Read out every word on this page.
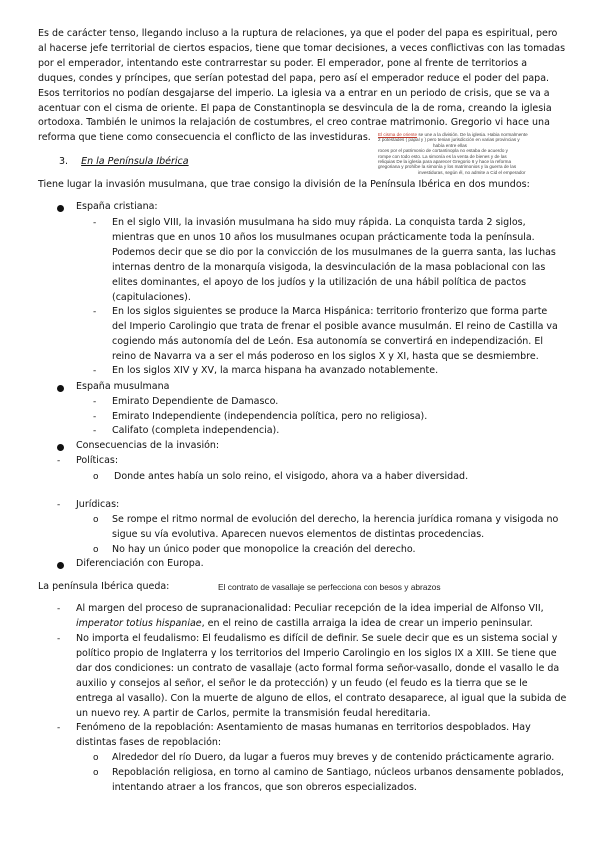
Es de carácter tenso, llegando incluso a la ruptura de relaciones, ya que el poder del papa es espiritual, pero
al hacerse jefe territorial de ciertos espacios, tiene que tomar decisiones, a veces conflictivas con las tomadas
por el emperador, intentando este contrarrestar su poder. El emperador, pone al frente de territorios a
duques, condes y príncipes, que serían potestad del papa, pero así el emperador reduce el poder del papa.
Esos territorios no podían desgajarse del imperio. La iglesia va a entrar en un periodo de crisis, que se va a
acentuar con el cisma de oriente. El papa de Constantinopla se desvincula de la de roma, creando la iglesia
ortodoxa. También le unimos la relajación de costumbres, el creo contrae matrimonio. Gregorio vi hace una
reforma que tiene como consecuencia el conflicto de las investiduras.	El cisma de oriente se une a la división. De la iglesia. Habia normalmente
2 potestades ( papal y ) pero tenian jurisdicción en varias provincias y
había entre ellas
roces por el patrimonio de cortantinopla no estaba de acuerdo y
rompe con todo esto. La simonía es la venta de bienes y de las
reliquias De la iglesia para aparecer Gregorio 6 y hace la reforma
gregoriana y prohíbe la simonía y los matrimonios y la guerra de las
investiduras, según él, no admite a Cid el emperador
3. En la Península Ibérica
Tiene lugar la invasión musulmana, que trae consigo la división de la Península Ibérica en dos mundos:
España cristiana:
- En el siglo VIII, la invasión musulmana ha sido muy rápida. La conquista tarda 2 siglos,
mientras que en unos 10 años los musulmanes ocupan prácticamente toda la península.
Podemos decir que se dio por la convicción de los musulmanes de la guerra santa, las luchas
internas dentro de la monarquía visigoda, la desvinculación de la masa poblacional con las
elites dominantes, el apoyo de los judíos y la utilización de una hábil política de pactos
(capitulaciones).
- En los siglos siguientes se produce la Marca Hispánica: territorio fronterizo que forma parte
del Imperio Carolingio que trata de frenar el posible avance musulmán. El reino de Castilla va
cogiendo más autonomía del de León. Esa autonomía se convertirá en independización. El
reino de Navarra va a ser el más poderoso en los siglos X y XI, hasta que se desmiembre.
- En los siglos XIV y XV, la marca hispana ha avanzado notablemente.
España musulmana
- Emirato Dependiente de Damasco.
- Emirato Independiente (independencia política, pero no religiosa).
- Califato (completa independencia).
Consecuencias de la invasión:
- Políticas:
o Donde antes había un solo reino, el visigodo, ahora va a haber diversidad.
- Jurídicas:
o Se rompe el ritmo normal de evolución del derecho, la herencia jurídica romana y visigoda no
sigue su vía evolutiva. Aparecen nuevos elementos de distintas procedencias.
o No hay un único poder que monopolice la creación del derecho.
Diferenciación con Europa.
La península Ibérica queda:	El contrato de vasallaje se perfecciona con besos y abrazos
- Al margen del proceso de supranacionalidad: Peculiar recepción de la idea imperial de Alfonso VII,
imperator totius hispaniae, en el reino de castilla arraiga la idea de crear un imperio peninsular.
- No importa el feudalismo: El feudalismo es difícil de definir. Se suele decir que es un sistema social y
político propio de Inglaterra y los territorios del Imperio Carolingio en los siglos IX a XIII. Se tiene que
dar dos condiciones: un contrato de vasallaje (acto formal forma señor-vasallo, donde el vasallo le da
auxilio y consejos al señor, el señor le da protección) y un feudo (el feudo es la tierra que se le
entrega al vasallo). Con la muerte de alguno de ellos, el contrato desaparece, al igual que la subida de
un nuevo rey. A partir de Carlos, permite la transmisión feudal hereditaria.
- Fenómeno de la repoblación: Asentamiento de masas humanas en territorios despoblados. Hay
distintas fases de repoblación:
o Alrededor del río Duero, da lugar a fueros muy breves y de contenido prácticamente agrario.
o Repoblación religiosa, en torno al camino de Santiago, núcleos urbanos densamente poblados,
intentando atraer a los francos, que son obreros especializados.
